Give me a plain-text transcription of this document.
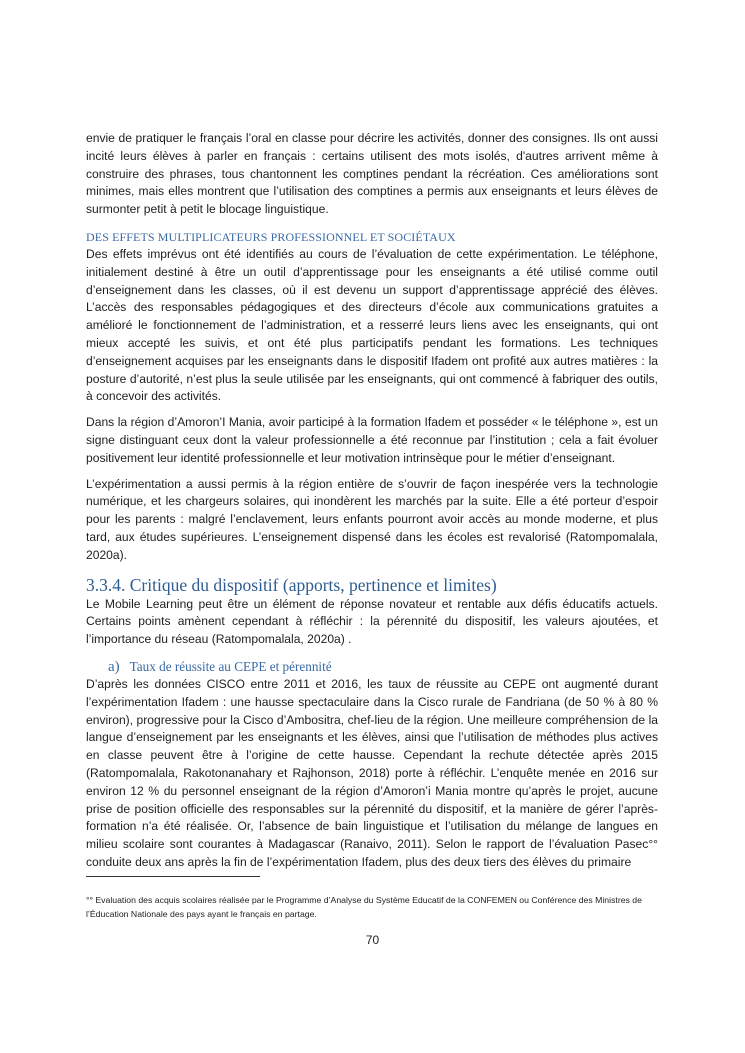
envie de pratiquer le français l’oral en classe pour décrire les activités, donner des consignes. Ils ont aussi incité leurs élèves à parler en français : certains utilisent des mots isolés, d'autres arrivent même à construire des phrases, tous chantonnent les comptines pendant la récréation. Ces améliorations sont minimes, mais elles montrent que l’utilisation des comptines a permis aux enseignants et leurs élèves de surmonter petit à petit le blocage linguistique.

DES EFFETS MULTIPLICATEURS PROFESSIONNEL ET SOCIÉTAUX

Des effets imprévus ont été identifiés au cours de l’évaluation de cette expérimentation. Le téléphone, initialement destiné à être un outil d’apprentissage pour les enseignants a été utilisé comme outil d’enseignement dans les classes, où il est devenu un support d’apprentissage apprécié des élèves. L’accès des responsables pédagogiques et des directeurs d’école aux communications gratuites a amélioré le fonctionnement de l’administration, et a resserré leurs liens avec les enseignants, qui ont mieux accepté les suivis, et ont été plus participatifs pendant les formations. Les techniques d’enseignement acquises par les enseignants dans le dispositif Ifadem ont profité aux autres matières : la posture d’autorité, n’est plus la seule utilisée par les enseignants, qui ont commencé à fabriquer des outils, à concevoir des activités.

Dans la région d’Amoron’I Mania, avoir participé à la formation Ifadem et posséder « le téléphone », est un signe distinguant ceux dont la valeur professionnelle a été reconnue par l’institution ; cela a fait évoluer positivement leur identité professionnelle et leur motivation intrinsèque pour le métier d’enseignant.

L’expérimentation a aussi permis à la région entière de s’ouvrir de façon inespérée vers la technologie numérique, et les chargeurs solaires, qui inondèrent les marchés par la suite. Elle a été porteur d’espoir pour les parents : malgré l’enclavement, leurs enfants pourront avoir accès au monde moderne, et plus tard, aux études supérieures. L’enseignement dispensé dans les écoles est revalorisé (Ratompomalala, 2020a).

3.3.4. Critique du dispositif (apports, pertinence et limites)

Le Mobile Learning peut être un élément de réponse novateur et rentable aux défis éducatifs actuels. Certains points amènent cependant à réfléchir : la pérennité du dispositif, les valeurs ajoutées, et l’importance du réseau (Ratompomalala, 2020a) .

a) Taux de réussite au CEPE et pérennité

D’après les données CISCO entre 2011 et 2016, les taux de réussite au CEPE ont augmenté durant l’expérimentation Ifadem : une hausse spectaculaire dans la Cisco rurale de Fandriana (de 50 % à 80 % environ), progressive pour la Cisco d’Ambositra, chef-lieu de la région. Une meilleure compréhension de la langue d’enseignement par les enseignants et les élèves, ainsi que l’utilisation de méthodes plus actives en classe peuvent être à l’origine de cette hausse. Cependant la rechute détectée après 2015 (Ratompomalala, Rakotonanahary et Rajhonson, 2018) porte à réfléchir. L’enquête menée en 2016 sur environ 12 % du personnel enseignant de la région d’Amoron’i Mania montre qu’après le projet, aucune prise de position officielle des responsables sur la pérennité du dispositif, et la manière de gérer l’après-formation n’a été réalisée. Or, l’absence de bain linguistique et l’utilisation du mélange de langues en milieu scolaire sont courantes à Madagascar (Ranaivo, 2011). Selon le rapport de l’évaluation Pasec°° conduite deux ans après la fin de l’expérimentation Ifadem, plus des deux tiers des élèves du primaire

°° Evaluation des acquis scolaires réalisée par le Programme d’Analyse du Système Educatif de la CONFEMEN ou Conférence des Ministres de l’Éducation Nationale des pays ayant le français en partage.
70
